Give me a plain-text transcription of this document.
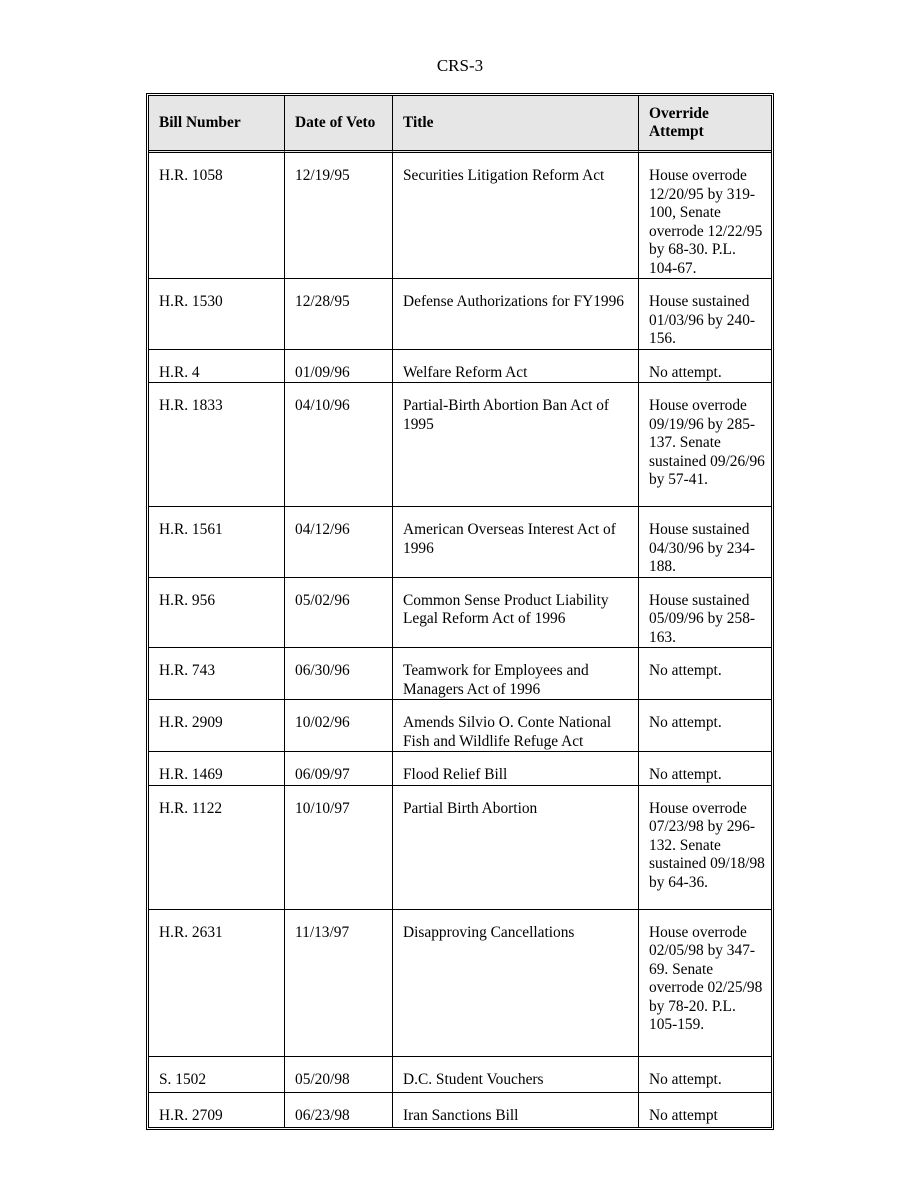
CRS-3
Bill Number	Date of Veto	Title	Override Attempt
H.R. 1058	12/19/95	Securities Litigation Reform Act	House overrode 12/20/95 by 319-100, Senate overrode 12/22/95 by 68-30. P.L. 104-67.
H.R. 1530	12/28/95	Defense Authorizations for FY1996	House sustained 01/03/96 by 240-156.
H.R. 4	01/09/96	Welfare Reform Act	No attempt.
H.R. 1833	04/10/96	Partial-Birth Abortion Ban Act of 1995	House overrode 09/19/96 by 285-137. Senate sustained 09/26/96 by 57-41.
H.R. 1561	04/12/96	American Overseas Interest Act of 1996	House sustained 04/30/96 by 234-188.
H.R. 956	05/02/96	Common Sense Product Liability Legal Reform Act of 1996	House sustained 05/09/96 by 258-163.
H.R. 743	06/30/96	Teamwork for Employees and Managers Act of 1996	No attempt.
H.R. 2909	10/02/96	Amends Silvio O. Conte National Fish and Wildlife Refuge Act	No attempt.
H.R. 1469	06/09/97	Flood Relief Bill	No attempt.
H.R. 1122	10/10/97	Partial Birth Abortion	House overrode 07/23/98 by 296-132. Senate sustained 09/18/98 by 64-36.
H.R. 2631	11/13/97	Disapproving Cancellations	House overrode 02/05/98 by 347-69. Senate overrode 02/25/98 by 78-20. P.L. 105-159.
S. 1502	05/20/98	D.C. Student Vouchers	No attempt.
H.R. 2709	06/23/98	Iran Sanctions Bill	No attempt
